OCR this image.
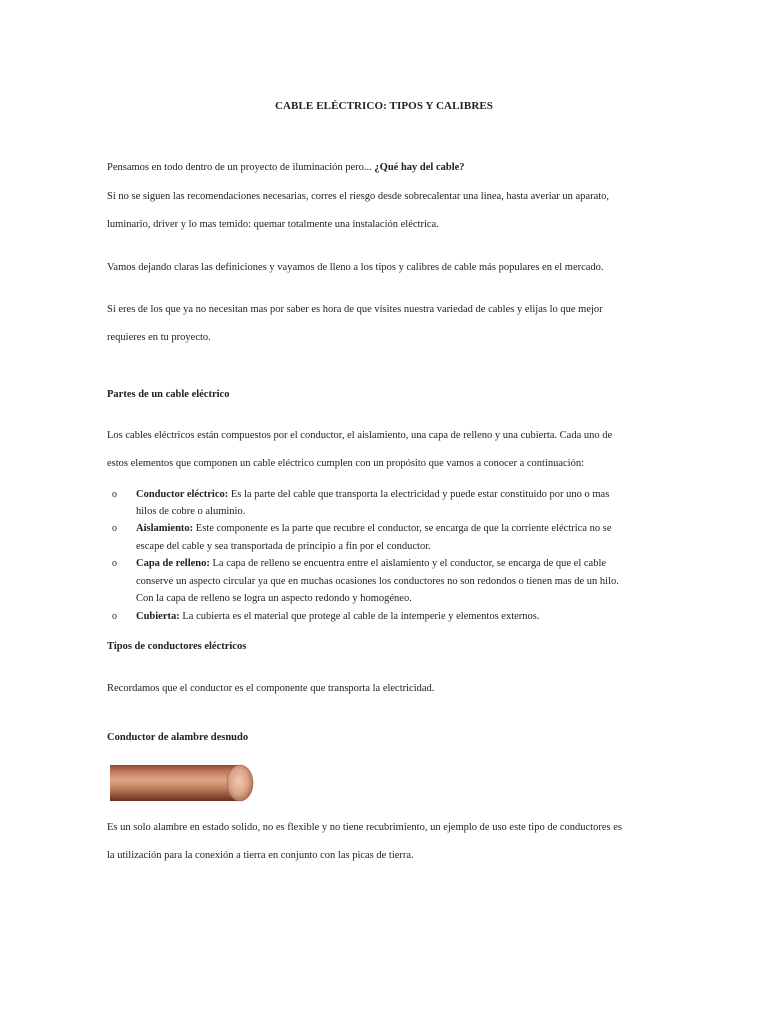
CABLE ELÉCTRICO: TIPOS Y CALIBRES
Pensamos en todo dentro de un proyecto de iluminación pero... ¿Qué hay del cable?
Si no se siguen las recomendaciones necesarias, corres el riesgo desde sobrecalentar una linea, hasta averiar un aparato,
luminario, driver y lo mas temido: quemar totalmente una instalación eléctrica.
Vamos dejando claras las definiciones y vayamos de lleno a los tipos y calibres de cable más populares en el mercado.
Si eres de los que ya no necesitan mas por saber es hora de que visites nuestra variedad de cables y elijas lo que mejor
requieres en tu proyecto.
Partes de un cable eléctrico
Los cables eléctricos están compuestos por el conductor, el aislamiento, una capa de relleno y una cubierta. Cada uno de
estos elementos que componen un cable eléctrico cumplen con un propósito que vamos a conocer a continuación:
o Conductor eléctrico: Es la parte del cable que transporta la electricidad y puede estar constituido por uno o mas
hilos de cobre o aluminio.
o Aislamiento: Este componente es la parte que recubre el conductor, se encarga de que la corriente eléctrica no se
escape del cable y sea transportada de principio a fin por el conductor.
o Capa de relleno: La capa de relleno se encuentra entre el aislamiento y el conductor, se encarga de que el cable
conserve un aspecto circular ya que en muchas ocasiones los conductores no son redondos o tienen mas de un hilo.
Con la capa de relleno se logra un aspecto redondo y homogéneo.
o Cubierta: La cubierta es el material que protege al cable de la intemperie y elementos externos.
Tipos de conductores eléctricos
Recordamos que el conductor es el componente que transporta la electricidad.
Conductor de alambre desnudo
Es un solo alambre en estado solido, no es flexible y no tiene recubrimiento, un ejemplo de uso este tipo de conductores es
la utilización para la conexión a tierra en conjunto con las picas de tierra.
